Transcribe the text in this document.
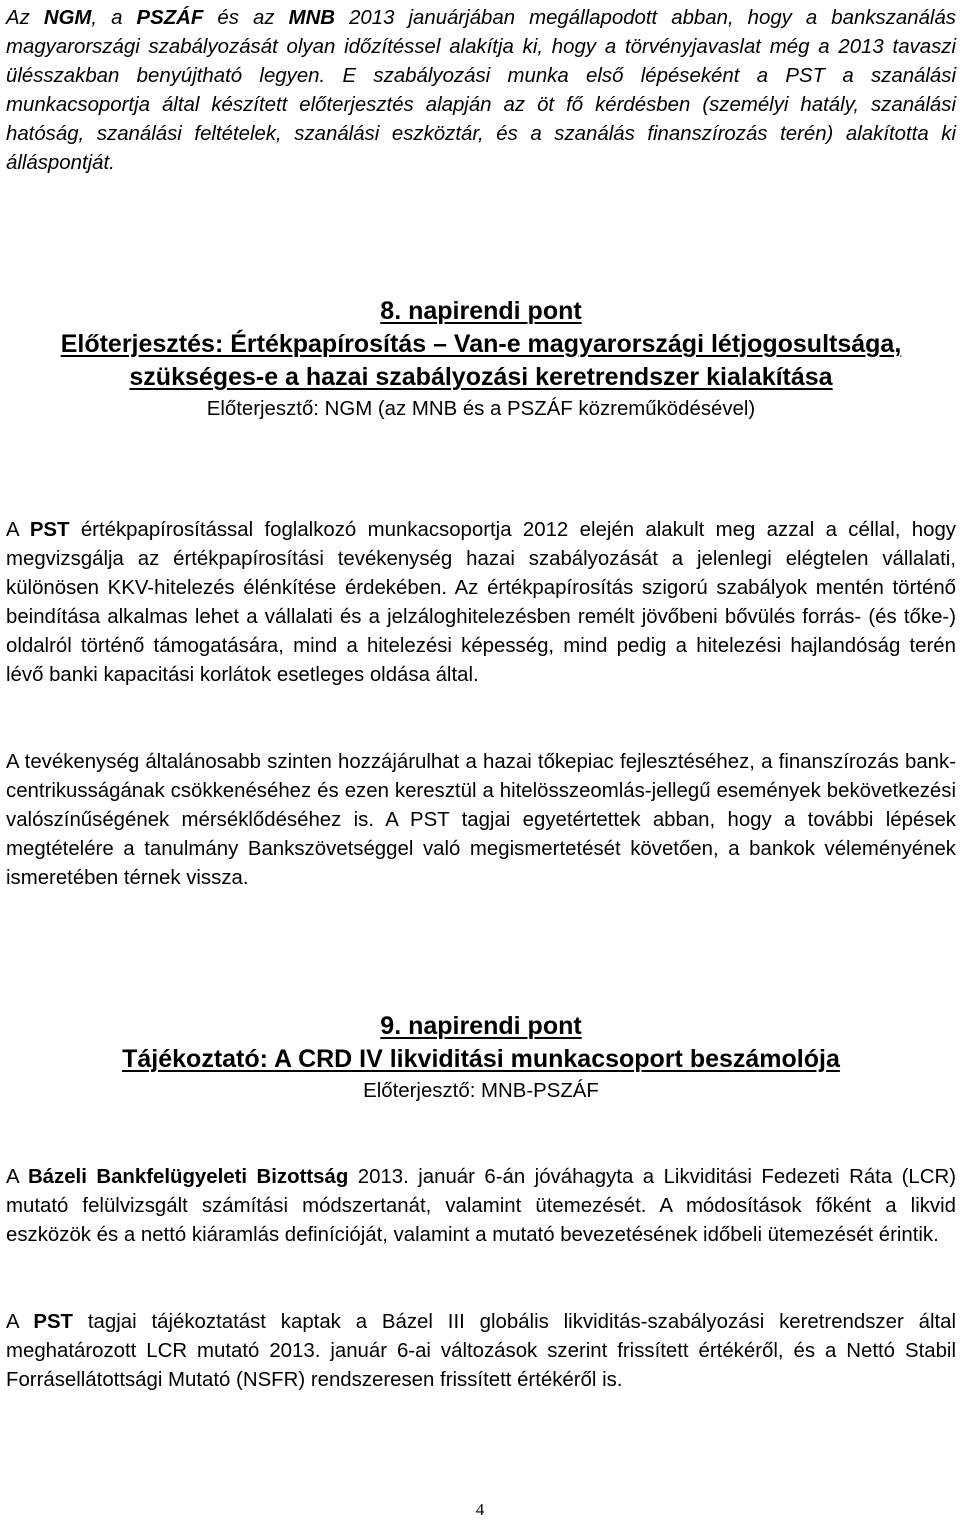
Az NGM, a PSZÁF és az MNB 2013 januárjában megállapodott abban, hogy a bankszanálás magyarországi szabályozását olyan időzítéssel alakítja ki, hogy a törvényjavaslat még a 2013 tavaszi ülésszakban benyújtható legyen. E szabályozási munka első lépéseként a PST a szanálási munkacsoportja által készített előterjesztés alapján az öt fő kérdésben (személyi hatály, szanálási hatóság, szanálási feltételek, szanálási eszköztár, és a szanálás finanszírozás terén) alakította ki álláspontját.

8. napirendi pont
Előterjesztés: Értékpapírosítás – Van-e magyarországi létjogosultsága, szükséges-e a hazai szabályozási keretrendszer kialakítása
Előterjesztő: NGM (az MNB és a PSZÁF közreműködésével)

A PST értékpapírosítással foglalkozó munkacsoportja 2012 elején alakult meg azzal a céllal, hogy megvizsgálja az értékpapírosítási tevékenység hazai szabályozását a jelenlegi elégtelen vállalati, különösen KKV-hitelezés élénkítése érdekében. Az értékpapírosítás szigorú szabályok mentén történő beindítása alkalmas lehet a vállalati és a jelzáloghitelezésben remélt jövőbeni bővülés forrás- (és tőke-) oldalról történő támogatására, mind a hitelezési képesség, mind pedig a hitelezési hajlandóság terén lévő banki kapacitási korlátok esetleges oldása által.

A tevékenység általánosabb szinten hozzájárulhat a hazai tőkepiac fejlesztéséhez, a finanszírozás bank-centrikusságának csökkenéséhez és ezen keresztül a hitelösszeomlás-jellegű események bekövetkezési valószínűségének mérséklődéséhez is. A PST tagjai egyetértettek abban, hogy a további lépések megtételére a tanulmány Bankszövetséggel való megismertetését követően, a bankok véleményének ismeretében térnek vissza.

9. napirendi pont
Tájékoztató: A CRD IV likviditási munkacsoport beszámolója
Előterjesztő: MNB-PSZÁF

A Bázeli Bankfelügyeleti Bizottság 2013. január 6-án jóváhagyta a Likviditási Fedezeti Ráta (LCR) mutató felülvizsgált számítási módszertanát, valamint ütemezését. A módosítások főként a likvid eszközök és a nettó kiáramlás definícióját, valamint a mutató bevezetésének időbeli ütemezését érintik.

A PST tagjai tájékoztatást kaptak a Bázel III globális likviditás-szabályozási keretrendszer által meghatározott LCR mutató 2013. január 6-ai változások szerint frissített értékéről, és a Nettó Stabil Forrásellátottsági Mutató (NSFR) rendszeresen frissített értékéről is.

4
